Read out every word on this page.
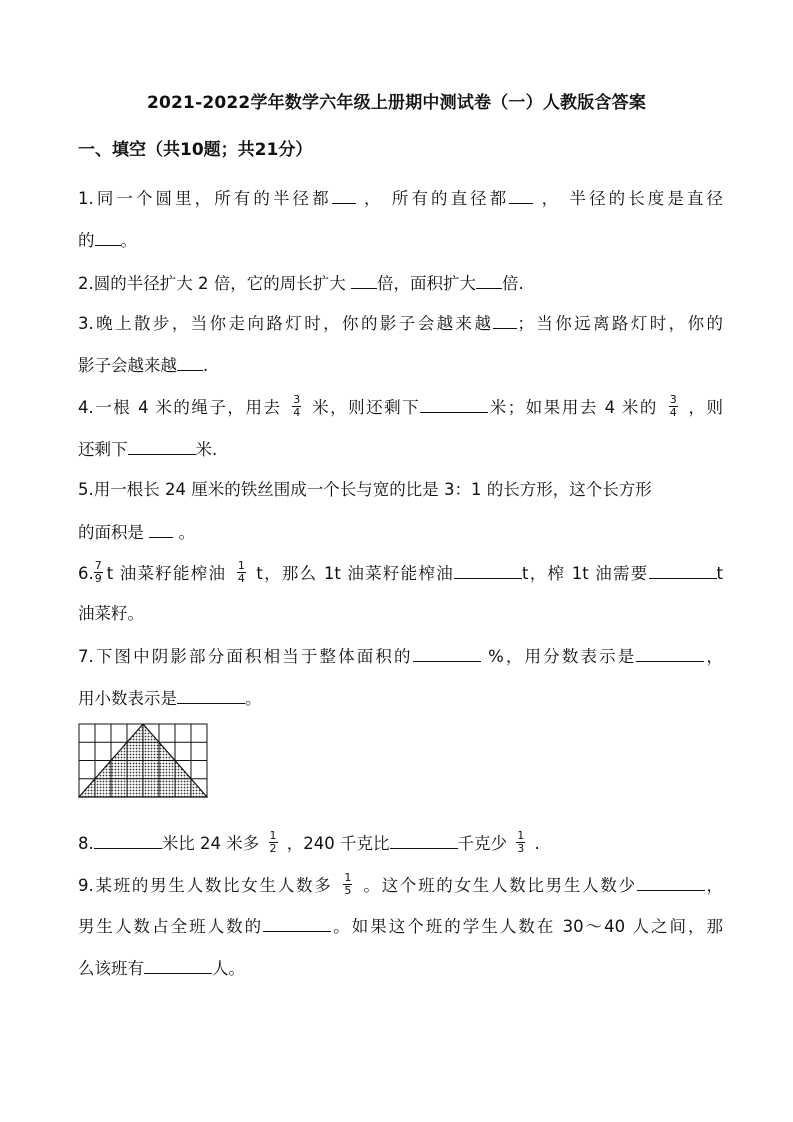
2021-2022学年数学六年级上册期中测试卷（一）人教版含答案
一、填空（共10题；共21分）
1.同一个圆里，所有的半径都 ， 所有的直径都 ， 半径的长度是直径
的 。
2.圆的半径扩大 2 倍，它的周长扩大 倍，面积扩大 倍.
3.晚上散步，当你走向路灯时，你的影子会越来越 ；当你远离路灯时，你的
影子会越来越 .
4.一根 4 米的绳子，用去 $\frac{3}{4}$ 米，则还剩下	米；如果用去 4 米的 $\frac{3}{4}$ ，则
还剩下	米.
5.用一根长 24 厘米的铁丝围成一个长与宽的比是 3：1 的长方形，这个长方形
的面积是  。
6. $\frac{7}{9}$ t 油菜籽能榨油 $\frac{1}{4}$ t，那么 1t 油菜籽能榨油	t，榨 1t 油需要	t
油菜籽。
7.下图中阴影部分面积相当于整体面积的	%，用分数表示是	，
用小数表示是	。
8.	米比 24 米多 $\frac{1}{2}$ ，240 千克比	千克少 $\frac{1}{3}$ .
9.某班的男生人数比女生人数多 $\frac{1}{5}$ 。这个班的女生人数比男生人数少	，
男生人数占全班人数的	。如果这个班的学生人数在 30～40 人之间，那
么该班有	人。
